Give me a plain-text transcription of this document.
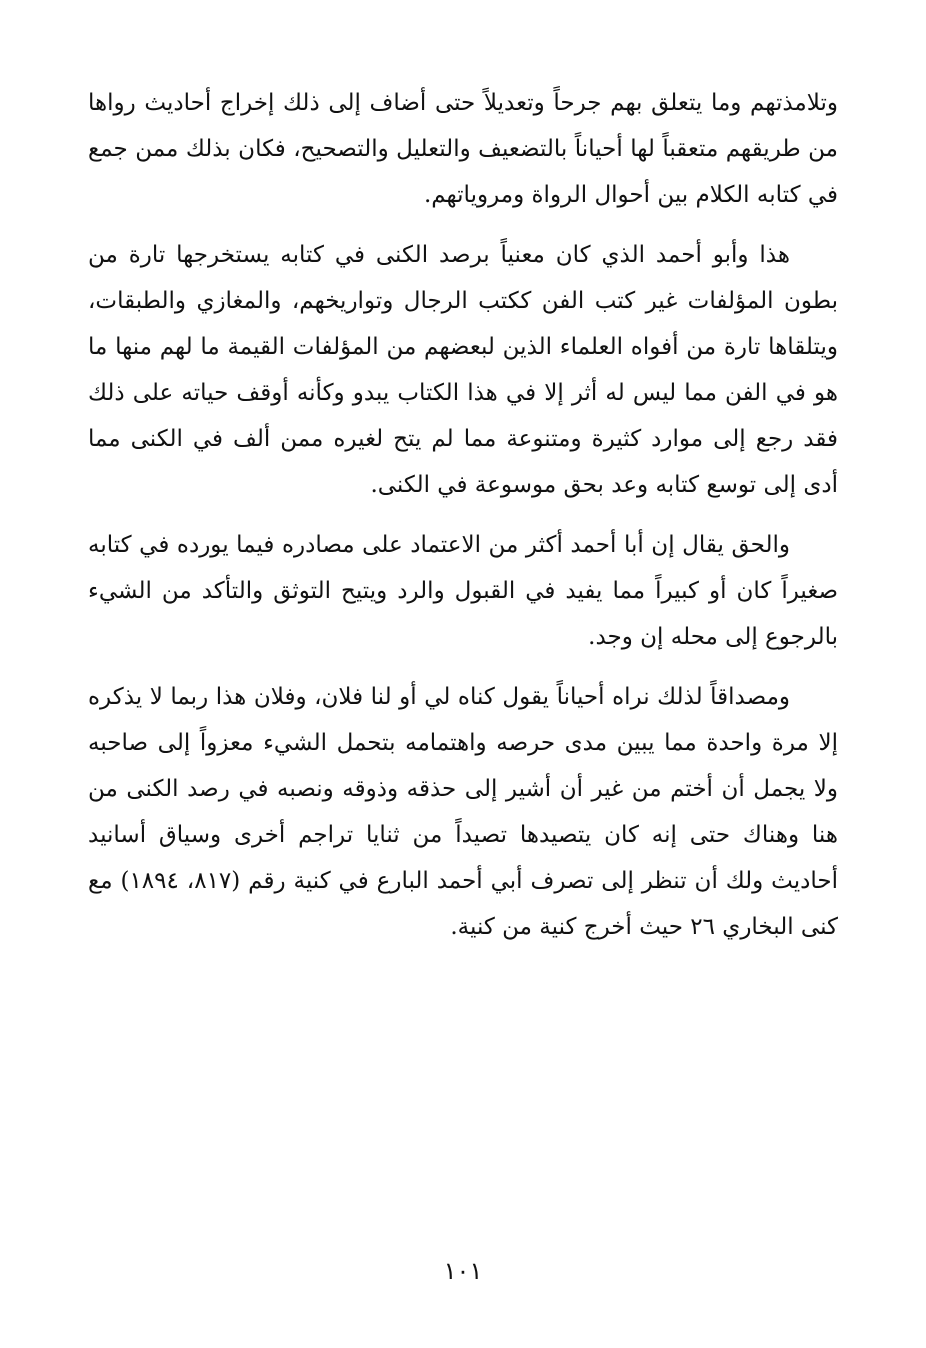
وتلامذتهم وما يتعلق بهم جرحاً وتعديلاً حتى أضاف إلى ذلك إخراج أحاديث رواها من طريقهم متعقباً لها أحياناً بالتضعيف والتعليل والتصحيح، فكان بذلك ممن جمع في كتابه الكلام بين أحوال الرواة ومروياتهم.

هذا وأبو أحمد الذي كان معنياً برصد الكنى في كتابه يستخرجها تارة من بطون المؤلفات غير كتب الفن ككتب الرجال وتواريخهم، والمغازي والطبقات، ويتلقاها تارة من أفواه العلماء الذين لبعضهم من المؤلفات القيمة ما لهم منها ما هو في الفن مما ليس له أثر إلا في هذا الكتاب يبدو وكأنه أوقف حياته على ذلك فقد رجع إلى موارد كثيرة ومتنوعة مما لم يتح لغيره ممن ألف في الكنى مما أدى إلى توسع كتابه وعد بحق موسوعة في الكنى.

والحق يقال إن أبا أحمد أكثر من الاعتماد على مصادره فيما يورده في كتابه صغيراً كان أو كبيراً مما يفيد في القبول والرد ويتيح التوثق والتأكد من الشيء بالرجوع إلى محله إن وجد.

ومصداقاً لذلك نراه أحياناً يقول كناه لي أو لنا فلان، وفلان هذا ربما لا يذكره إلا مرة واحدة مما يبين مدى حرصه واهتمامه بتحمل الشيء معزواً إلى صاحبه ولا يجمل أن أختم من غير أن أشير إلى حذقه وذوقه ونصبه في رصد الكنى من هنا وهناك حتى إنه كان يتصيدها تصيداً من ثنايا تراجم أخرى وسياق أسانيد أحاديث ولك أن تنظر إلى تصرف أبي أحمد البارع في كنية رقم (٨١٧، ١٨٩٤) مع كنى البخاري ٢٦ حيث أخرج كنية من كنية.

١٠١
